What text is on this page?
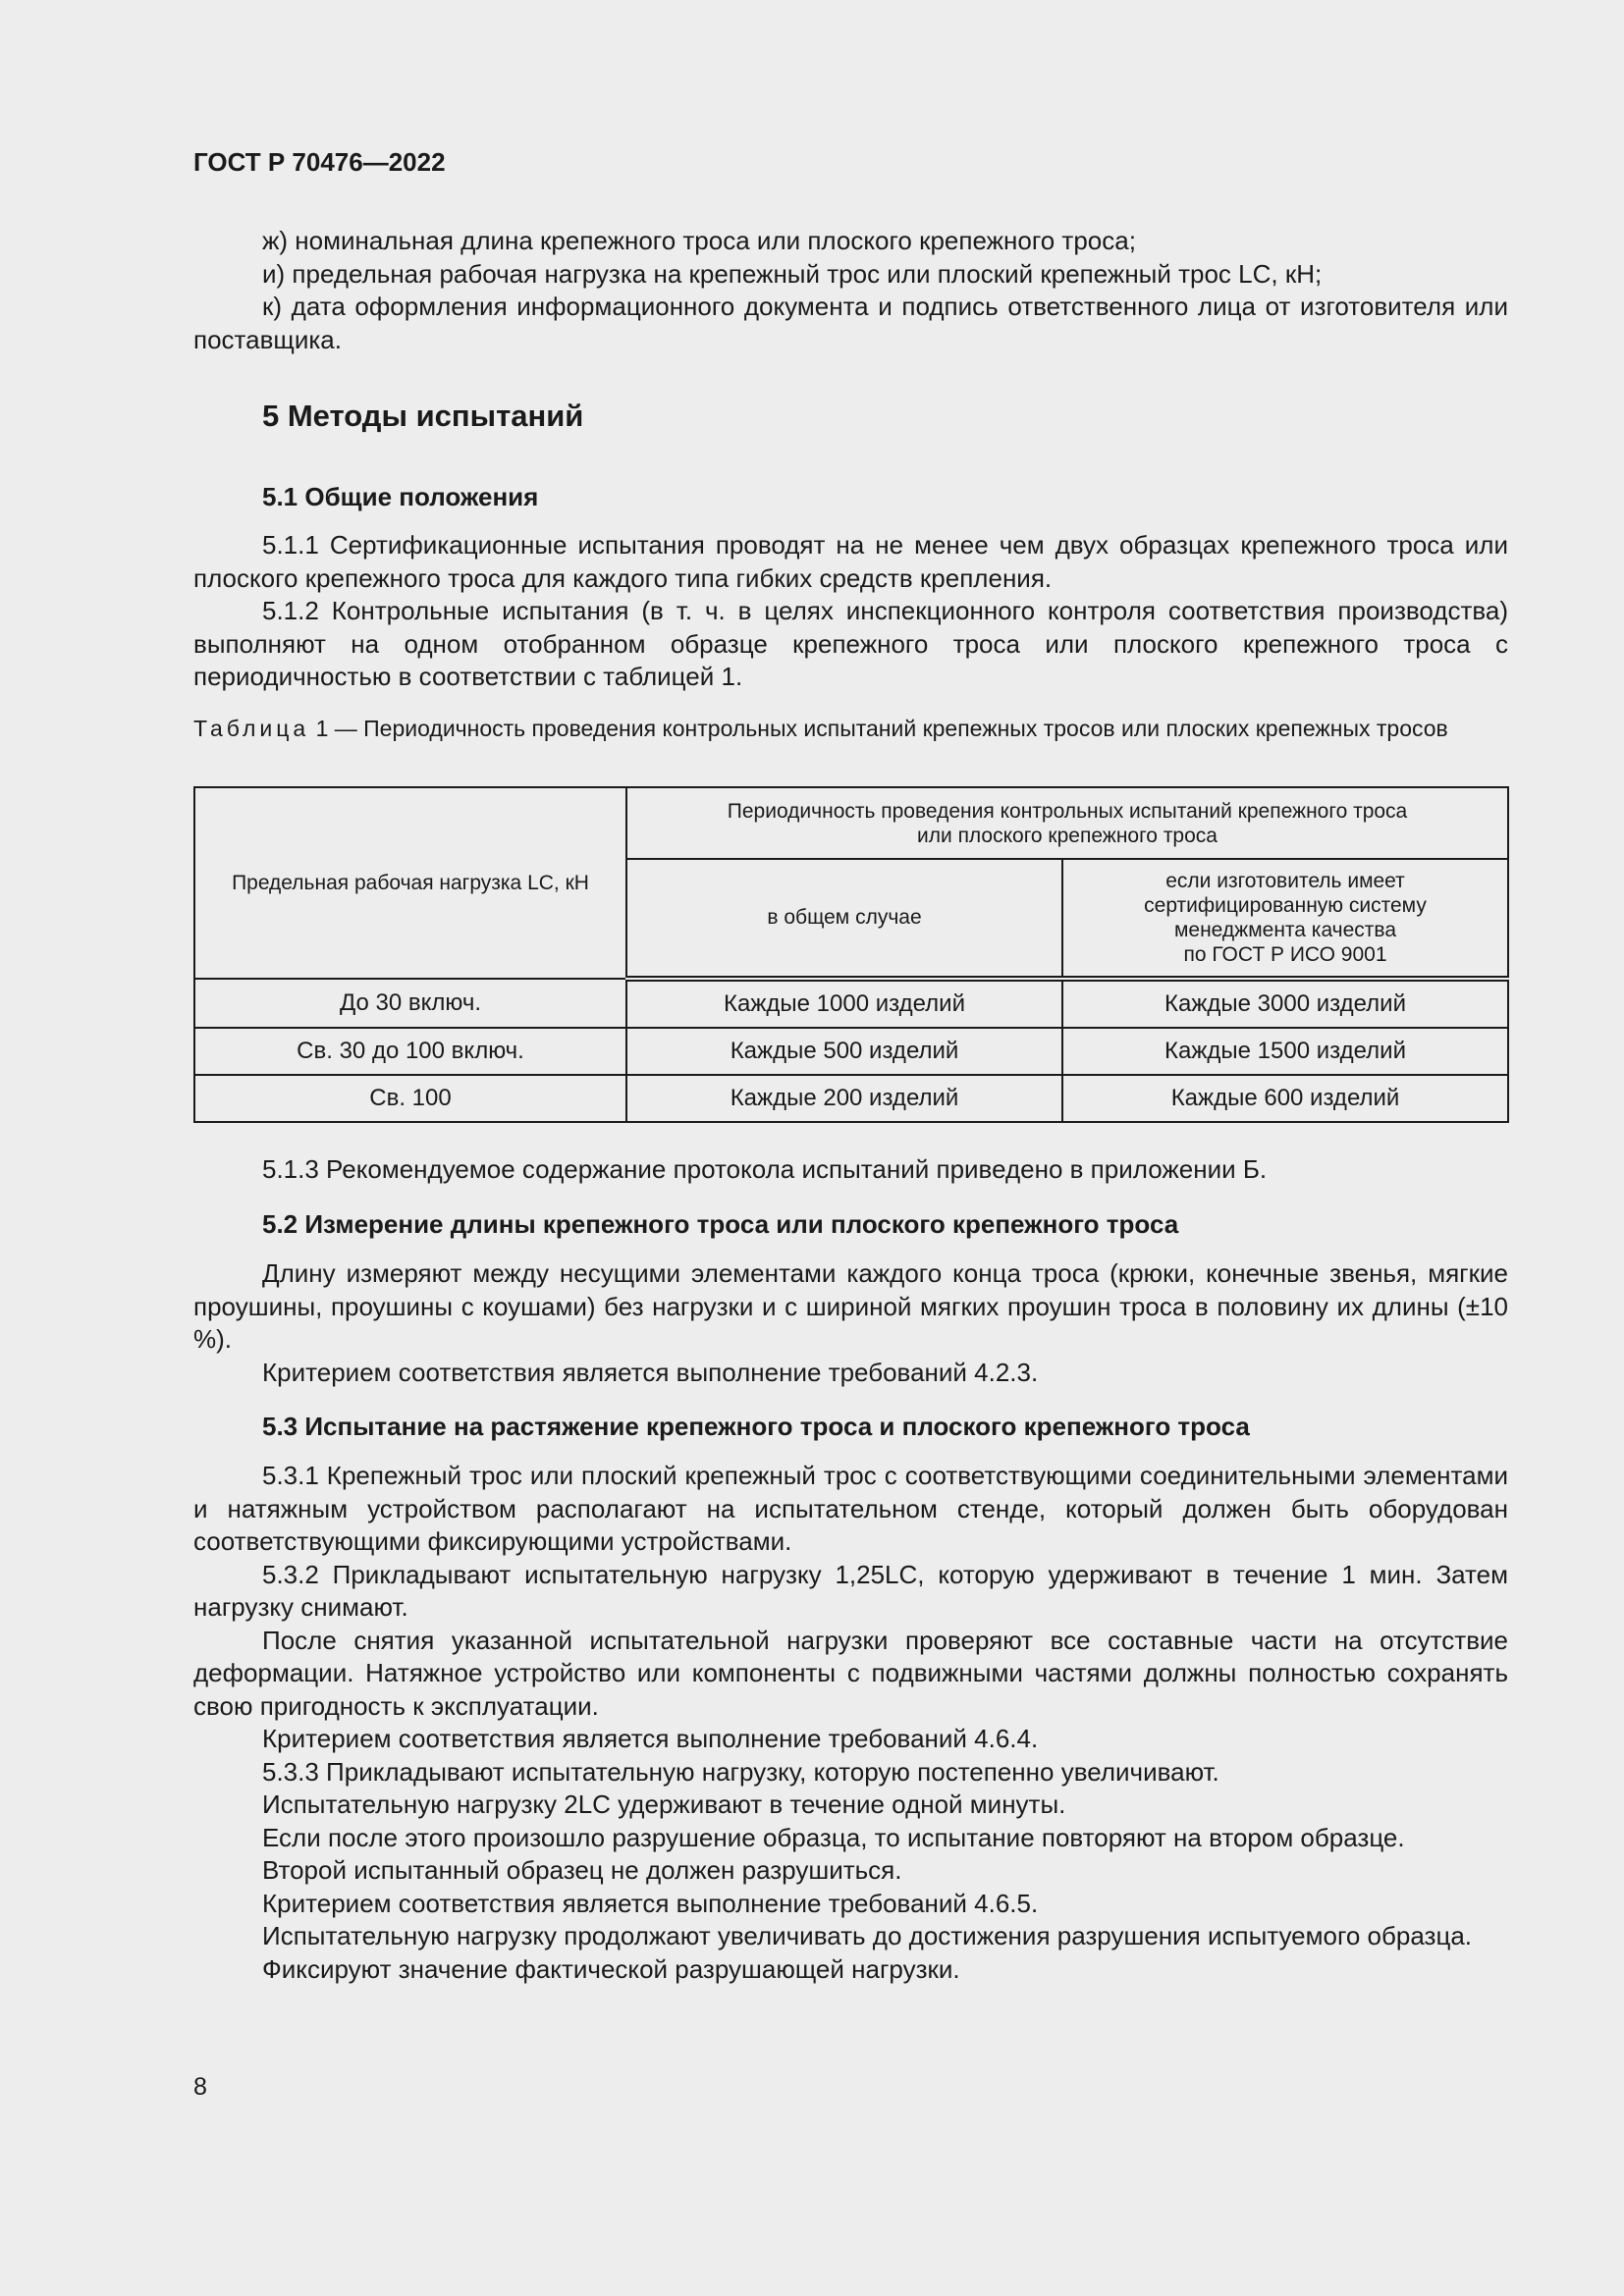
ГОСТ Р 70476—2022

ж) номинальная длина крепежного троса или плоского крепежного троса;

и) предельная рабочая нагрузка на крепежный трос или плоский крепежный трос LC, кН;

к) дата оформления информационного документа и подпись ответственного лица от изготовителя или поставщика.

5 Методы испытаний
5.1 Общие положения

5.1.1 Сертификационные испытания проводят на не менее чем двух образцах крепежного троса или плоского крепежного троса для каждого типа гибких средств крепления.

5.1.2 Контрольные испытания (в т. ч. в целях инспекционного контроля соответствия производства) выполняют на одном отобранном образце крепежного троса или плоского крепежного троса с периодичностью в соответствии с таблицей 1.

Таблица 1 — Периодичность проведения контрольных испытаний крепежных тросов или плоских крепежных тросов
Предельная рабочая нагрузка LC, кН	Периодичность проведения контрольных испытаний крепежного троса
или плоского крепежного троса	
	в общем случае	если изготовитель имеет
сертифицированную систему
менеджмента качества
по ГОСТ Р ИСО 9001
До 30 включ.	Каждые 1000 изделий	Каждые 3000 изделий
Св. 30 до 100 включ.	Каждые 500 изделий	Каждые 1500 изделий
Св. 100	Каждые 200 изделий	Каждые 600 изделий

5.1.3 Рекомендуемое содержание протокола испытаний приведено в приложении Б.

5.2 Измерение длины крепежного троса или плоского крепежного троса

Длину измеряют между несущими элементами каждого конца троса (крюки, конечные звенья, мягкие проушины, проушины с коушами) без нагрузки и с шириной мягких проушин троса в половину их длины (±10 %).

Критерием соответствия является выполнение требований 4.2.3.

5.3 Испытание на растяжение крепежного троса и плоского крепежного троса

5.3.1 Крепежный трос или плоский крепежный трос с соответствующими соединительными элементами и натяжным устройством располагают на испытательном стенде, который должен быть оборудован соответствующими фиксирующими устройствами.

5.3.2 Прикладывают испытательную нагрузку 1,25LC, которую удерживают в течение 1 мин. Затем нагрузку снимают.

После снятия указанной испытательной нагрузки проверяют все составные части на отсутствие деформации. Натяжное устройство или компоненты с подвижными частями должны полностью сохранять свою пригодность к эксплуатации.

Критерием соответствия является выполнение требований 4.6.4.

5.3.3 Прикладывают испытательную нагрузку, которую постепенно увеличивают.

Испытательную нагрузку 2LC удерживают в течение одной минуты.

Если после этого произошло разрушение образца, то испытание повторяют на втором образце.

Второй испытанный образец не должен разрушиться.

Критерием соответствия является выполнение требований 4.6.5.

Испытательную нагрузку продолжают увеличивать до достижения разрушения испытуемого образца.

Фиксируют значение фактической разрушающей нагрузки.

8
